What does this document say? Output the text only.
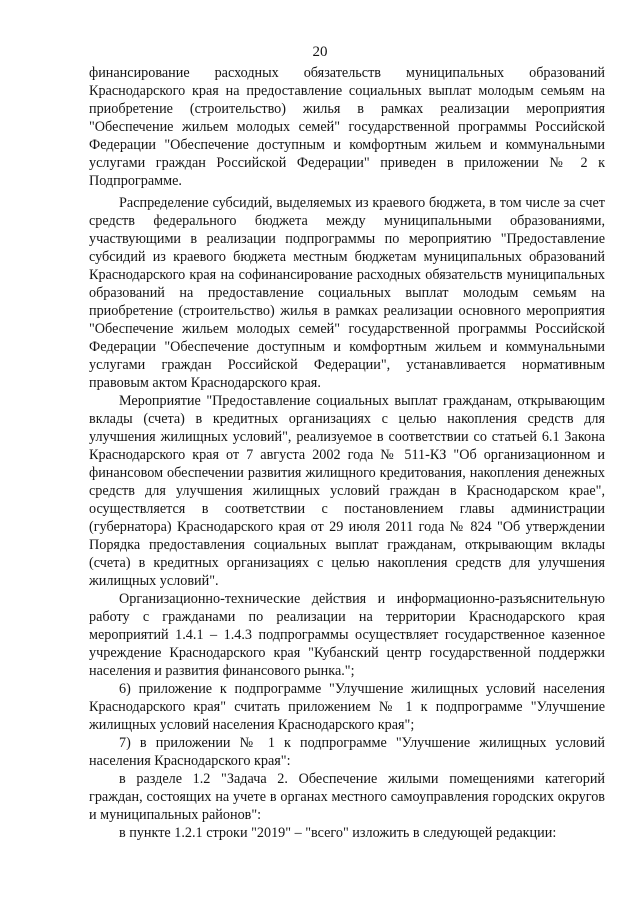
20

финансирование расходных обязательств муниципальных образований Краснодарского края на предоставление социальных выплат молодым семьям на приобретение (строительство) жилья в рамках реализации мероприятия "Обеспечение жильем молодых семей" государственной программы Российской Федерации "Обеспечение доступным и комфортным жильем и коммунальными услугами граждан Российской Федерации" приведен в приложении № 2 к Подпрограмме.

Распределение субсидий, выделяемых из краевого бюджета, в том числе за счет средств федерального бюджета между муниципальными образованиями, участвующими в реализации подпрограммы по мероприятию "Предоставление субсидий из краевого бюджета местным бюджетам муниципальных образований Краснодарского края на софинансирование расходных обязательств муниципальных образований на предоставление социальных выплат молодым семьям на приобретение (строительство) жилья в рамках реализации основного мероприятия "Обеспечение жильем молодых семей" государственной программы Российской Федерации "Обеспечение доступным и комфортным жильем и коммунальными услугами граждан Российской Федерации", устанавливается нормативным правовым актом Краснодарского края.

Мероприятие "Предоставление социальных выплат гражданам, открывающим вклады (счета) в кредитных организациях с целью накопления средств для улучшения жилищных условий", реализуемое в соответствии со статьей 6.1 Закона Краснодарского края от 7 августа 2002 года № 511-КЗ "Об организационном и финансовом обеспечении развития жилищного кредитования, накопления денежных средств для улучшения жилищных условий граждан в Краснодарском крае", осуществляется в соответствии с постановлением главы администрации (губернатора) Краснодарского края от 29 июля 2011 года № 824 "Об утверждении Порядка предоставления социальных выплат гражданам, открывающим вклады (счета) в кредитных организациях с целью накопления средств для улучшения жилищных условий".

Организационно-технические действия и информационно-разъяснительную работу с гражданами по реализации на территории Краснодарского края мероприятий 1.4.1 – 1.4.3 подпрограммы осуществляет государственное казенное учреждение Краснодарского края "Кубанский центр государственной поддержки населения и развития финансового рынка.";

6) приложение к подпрограмме "Улучшение жилищных условий населения Краснодарского края" считать приложением № 1 к подпрограмме "Улучшение жилищных условий населения Краснодарского края";

7) в приложении № 1 к подпрограмме "Улучшение жилищных условий населения Краснодарского края":

в разделе 1.2 "Задача 2. Обеспечение жилыми помещениями категорий граждан, состоящих на учете в органах местного самоуправления городских округов и муниципальных районов":

в пункте 1.2.1 строки "2019" – "всего" изложить в следующей редакции:
